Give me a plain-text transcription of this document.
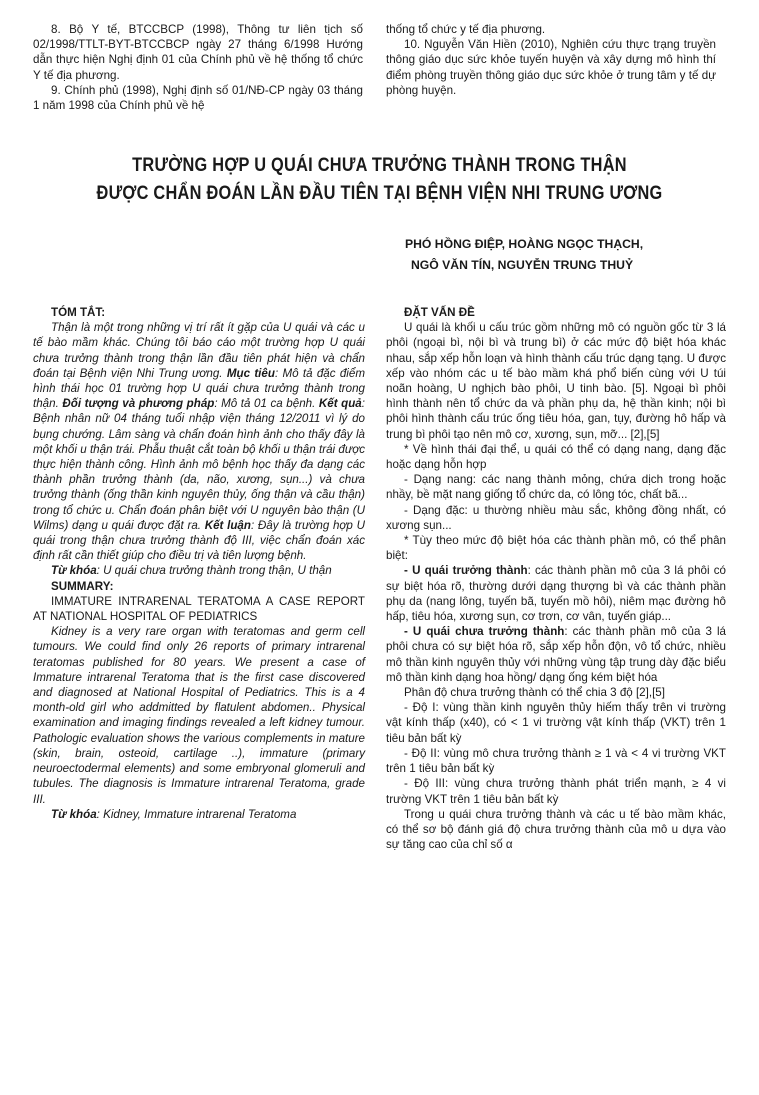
8. Bộ Y tế, BTCCBCP (1998), Thông tư liên tịch số 02/1998/TTLT-BYT-BTCCBCP ngày 27 tháng 6/1998 Hướng dẫn thực hiện Nghị định 01 của Chính phủ về hệ thống tổ chức Y tế địa phương.

9. Chính phủ (1998), Nghị định số 01/NĐ-CP ngày 03 tháng 1 năm 1998 của Chính phủ về hệ

thống tổ chức y tế địa phương.

10. Nguyễn Văn Hiền (2010), Nghiên cứu thực trạng truyền thông giáo dục sức khỏe tuyến huyện và xây dựng mô hình thí điểm phòng truyền thông giáo dục sức khỏe ở trung tâm y tế dự phòng huyện.

TRƯỜNG HỢP U QUÁI CHƯA TRƯỞNG THÀNH TRONG THẬN
ĐƯỢC CHẨN ĐOÁN LẦN ĐẦU TIÊN TẠI BỆNH VIỆN NHI TRUNG ƯƠNG
PHÓ HỒNG ĐIỆP, HOÀNG NGỌC THẠCH,
NGÔ VĂN TÍN, NGUYỄN TRUNG THUỶ

TÓM TẮT:

Thận là một trong những vị trí rất ít gặp của U quái và các u tế bào mầm khác. Chúng tôi báo cáo một trường hợp U quái chưa trưởng thành trong thận lần đầu tiên phát hiện và chẩn đoán tại Bệnh viện Nhi Trung ương. Mục tiêu: Mô tả đặc điểm hình thái học 01 trường hợp U quái chưa trưởng thành trong thận. Đối tượng và phương pháp: Mô tả 01 ca bệnh. Kết quả: Bệnh nhân nữ 04 tháng tuổi nhập viện tháng 12/2011 vì lý do bụng chướng. Lâm sàng và chẩn đoán hình ảnh cho thấy đây là một khối u thận trái. Phẫu thuật cắt toàn bộ khối u thận trái được thực hiện thành công. Hình ảnh mô bệnh học thấy đa dạng các thành phần trưởng thành (da, não, xương, sụn...) và chưa trưởng thành (ống thần kinh nguyên thủy, ống thận và cầu thận) trong tổ chức u. Chẩn đoán phân biệt với U nguyên bào thận (U Wilms) dạng u quái được đặt ra. Kết luận: Đây là trường hợp U quái trong thận chưa trưởng thành độ III, việc chẩn đoán xác định rất cần thiết giúp cho điều trị và tiên lượng bệnh.

Từ khóa: U quái chưa trưởng thành trong thận, U thận

SUMMARY:

IMMATURE INTRARENAL TERATOMA A CASE REPORT AT NATIONAL HOSPITAL OF PEDIATRICS

Kidney is a very rare organ with teratomas and germ cell tumours. We could find only 26 reports of primary intrarenal teratomas published for 80 years. We present a case of Immature intrarenal Teratoma that is the first case discovered and diagnosed at National Hospital of Pediatrics. This is a 4 month-old girl who addmitted by flatulent abdomen.. Physical examination and imaging findings revealed a left kidney tumour. Pathologic evaluation shows the various complements in mature (skin, brain, osteoid, cartilage ..), immature (primary neuroectodermal elements) and some embryonal glomeruli and tubules. The diagnosis is Immature intrarenal Teratoma, grade III.

Từ khóa: Kidney, Immature intrarenal Teratoma

ĐẶT VẤN ĐỀ

U quái là khối u cấu trúc gồm những mô có nguồn gốc từ 3 lá phôi (ngoại bì, nội bì và trung bì) ở các mức độ biệt hóa khác nhau, sắp xếp hỗn loạn và hình thành cấu trúc dạng tạng. U được xếp vào nhóm các u tế bào mầm khá phổ biến cùng với U túi noãn hoàng, U nghịch bào phôi, U tinh bào. [5]. Ngoại bì phôi hình thành nên tổ chức da và phần phụ da, hệ thần kinh; nội bì phôi hình thành cấu trúc ống tiêu hóa, gan, tụy, đường hô hấp và trung bì phôi tạo nên mô cơ, xương, sụn, mỡ... [2],[5]

* Về hình thái đại thể, u quái có thể có dạng nang, dạng đặc hoặc dạng hỗn hợp

- Dạng nang: các nang thành mỏng, chứa dịch trong hoặc nhầy, bề mặt nang giống tổ chức da, có lông tóc, chất bã...

- Dạng đặc: u thường nhiều màu sắc, không đồng nhất, có xương sụn...

* Tùy theo mức độ biệt hóa các thành phần mô, có thể phân biệt:

- U quái trưởng thành: các thành phần mô của 3 lá phôi có sự biệt hóa rõ, thường dưới dạng thượng bì và các thành phần phụ da (nang lông, tuyến bã, tuyến mồ hôi), niêm mạc đường hô hấp, tiêu hóa, xương sụn, cơ trơn, cơ vân, tuyến giáp...

- U quái chưa trưởng thành: các thành phần mô của 3 lá phôi chưa có sự biệt hóa rõ, sắp xếp hỗn độn, vô tổ chức, nhiều mô thần kinh nguyên thủy với những vùng tập trung dày đặc biểu mô thần kinh dạng hoa hồng/ dạng ống kém biệt hóa

Phân độ chưa trưởng thành có thể chia 3 độ [2],[5]

- Độ I: vùng thần kinh nguyên thủy hiếm thấy trên vi trường vật kính thấp (x40), có < 1 vi trường vật kính thấp (VKT) trên 1 tiêu bản bất kỳ

- Độ II: vùng mô chưa trưởng thành ≥ 1 và < 4 vi trường VKT trên 1 tiêu bản bất kỳ

- Độ III: vùng chưa trưởng thành phát triển mạnh, ≥ 4 vi trường VKT trên 1 tiêu bản bất kỳ

Trong u quái chưa trưởng thành và các u tế bào mầm khác, có thể sơ bộ đánh giá độ chưa trưởng thành của mô u dựa vào sự tăng cao của chỉ số α
